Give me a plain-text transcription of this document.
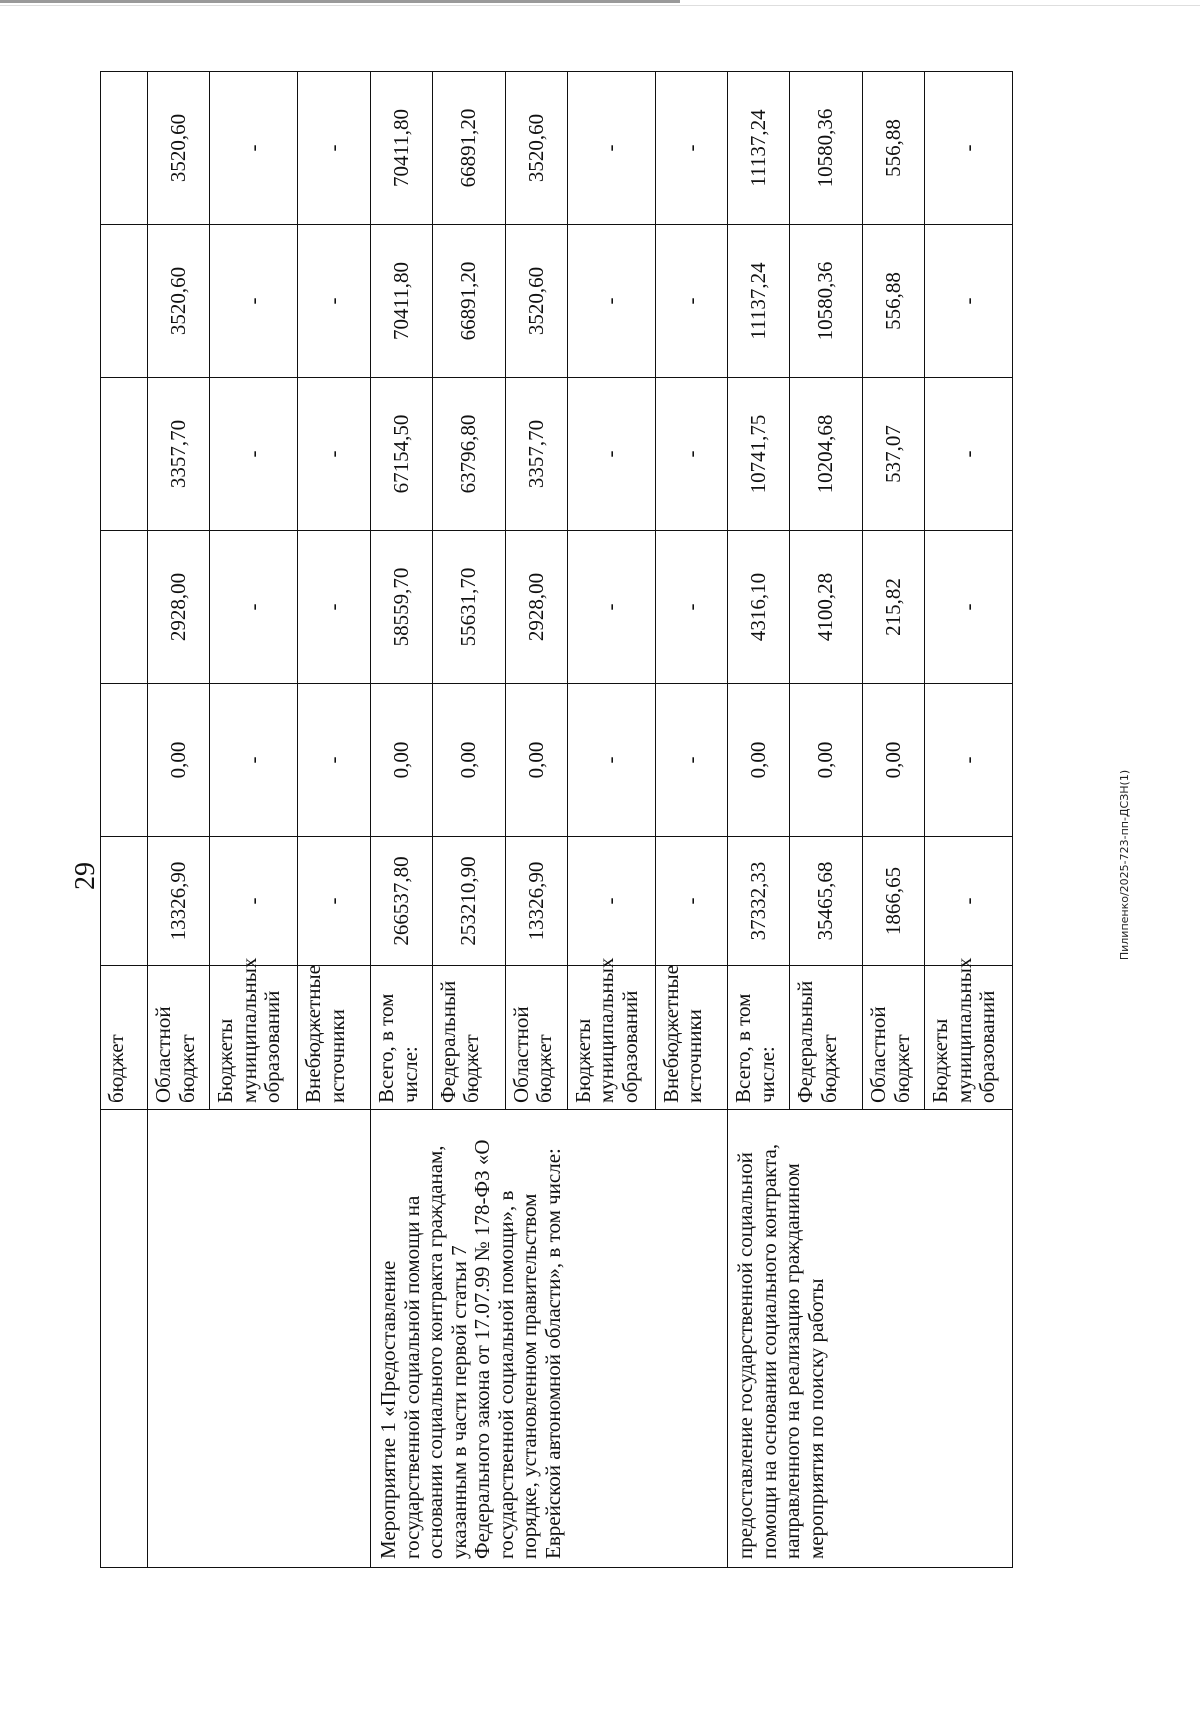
29	Пилипенко/2025-723-пп-ДСЗН(1)
	бюджет						
	Областной бюджет	13326,90	0,00	2928,00	3357,70	3520,60	3520,60
	Бюджеты муниципальных образований	-	-	-	-	-	-
	Внебюджетные источники	-	-	-	-	-	-
Мероприятие 1 «Предоставление государственной социальной помощи на основании социального контракта гражданам, указанным в части первой статьи 7 Федерального закона от 17.07.99 № 178-ФЗ «О государственной социальной помощи», в порядке, установленном правительством Еврейской автономной области», в том числе:	Всего, в том числе:	266537,80	0,00	58559,70	67154,50	70411,80	70411,80
	Федеральный бюджет	253210,90	0,00	55631,70	63796,80	66891,20	66891,20
	Областной бюджет	13326,90	0,00	2928,00	3357,70	3520,60	3520,60
	Бюджеты муниципальных образований	-	-	-	-	-	-
	Внебюджетные источники	-	-	-	-	-	-
предоставление государственной социальной помощи на основании социального контракта, направленного на реализацию гражданином мероприятия по поиску работы	Всего, в том числе:	37332,33	0,00	4316,10	10741,75	11137,24	11137,24
	Федеральный бюджет	35465,68	0,00	4100,28	10204,68	10580,36	10580,36
	Областной бюджет	1866,65	0,00	215,82	537,07	556,88	556,88
	Бюджеты муниципальных образований	-	-	-	-	-	-
